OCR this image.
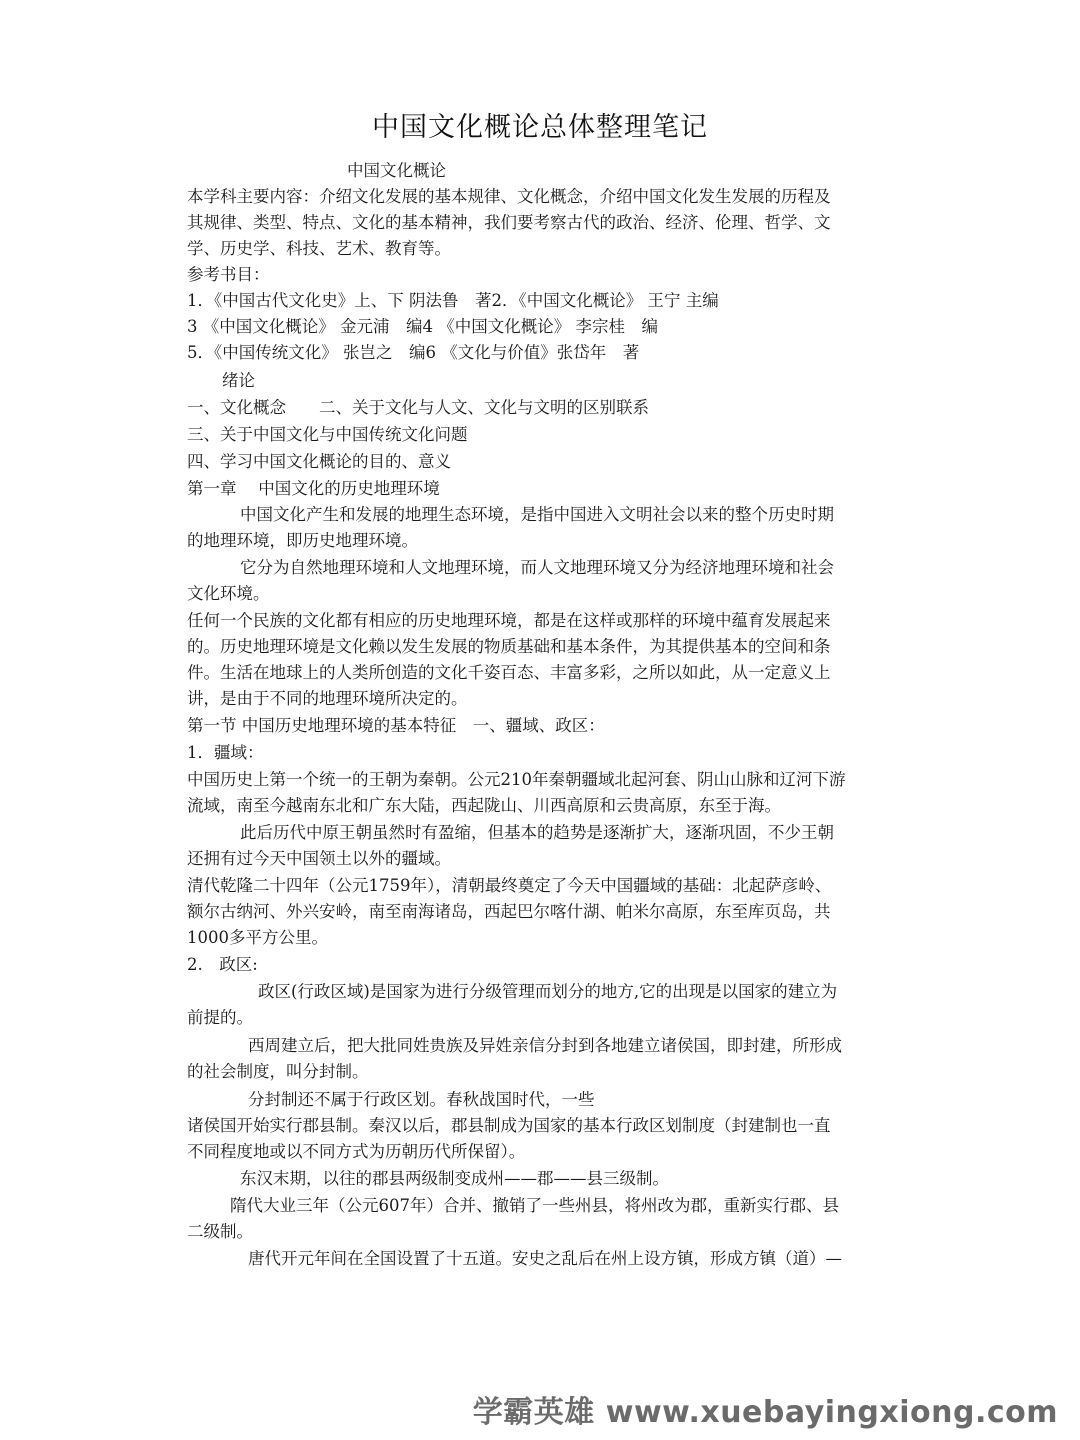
中国文化概论总体整理笔记
中国文化概论
本学科主要内容：介绍文化发展的基本规律、文化概念，介绍中国文化发生发展的历程及
其规律、类型、特点、文化的基本精神，我们要考察古代的政治、经济、伦理、哲学、文
学、历史学、科技、艺术、教育等。
参考书目：
1．《中国古代文化史》上、下 阴法鲁　著2．《中国文化概论》 王宁 主编
3 《中国文化概论》 金元浦　编4 《中国文化概论》 李宗桂　编
5．《中国传统文化》 张岂之　编6 《文化与价值》张岱年　著
绪论
一、文化概念　　二、关于文化与人文、文化与文明的区别联系
三、关于中国文化与中国传统文化问题
四、学习中国文化概论的目的、意义
第一章　 中国文化的历史地理环境
中国文化产生和发展的地理生态环境，是指中国进入文明社会以来的整个历史时期
的地理环境，即历史地理环境。
它分为自然地理环境和人文地理环境，而人文地理环境又分为经济地理环境和社会
文化环境。
任何一个民族的文化都有相应的历史地理环境，都是在这样或那样的环境中蕴育发展起来
的。历史地理环境是文化赖以发生发展的物质基础和基本条件，为其提供基本的空间和条
件。生活在地球上的人类所创造的文化千姿百态、丰富多彩，之所以如此，从一定意义上
讲，是由于不同的地理环境所决定的。
第一节 中国历史地理环境的基本特征　一、疆域、政区：
1．疆域：
中国历史上第一个统一的王朝为秦朝。公元210年秦朝疆域北起河套、阴山山脉和辽河下游
流域，南至今越南东北和广东大陆，西起陇山、川西高原和云贵高原，东至于海。
此后历代中原王朝虽然时有盈缩，但基本的趋势是逐渐扩大，逐渐巩固，不少王朝
还拥有过今天中国领土以外的疆域。
清代乾隆二十四年（公元1759年），清朝最终奠定了今天中国疆域的基础：北起萨彦岭、
额尔古纳河、外兴安岭，南至南海诸岛，西起巴尔喀什湖、帕米尔高原，东至库页岛，共
1000多平方公里。
2.　政区:
政区(行政区域)是国家为进行分级管理而划分的地方,它的出现是以国家的建立为
前提的。
西周建立后，把大批同姓贵族及异姓亲信分封到各地建立诸侯国，即封建，所形成
的社会制度，叫分封制。
分封制还不属于行政区划。春秋战国时代，一些
诸侯国开始实行郡县制。秦汉以后，郡县制成为国家的基本行政区划制度（封建制也一直
不同程度地或以不同方式为历朝历代所保留）。
东汉末期，以往的郡县两级制变成州——郡——县三级制。
隋代大业三年（公元607年）合并、撤销了一些州县，将州改为郡，重新实行郡、县
二级制。
唐代开元年间在全国设置了十五道。安史之乱后在州上设方镇，形成方镇（道）—
学霸英雄 www.xuebayingxiong.com
